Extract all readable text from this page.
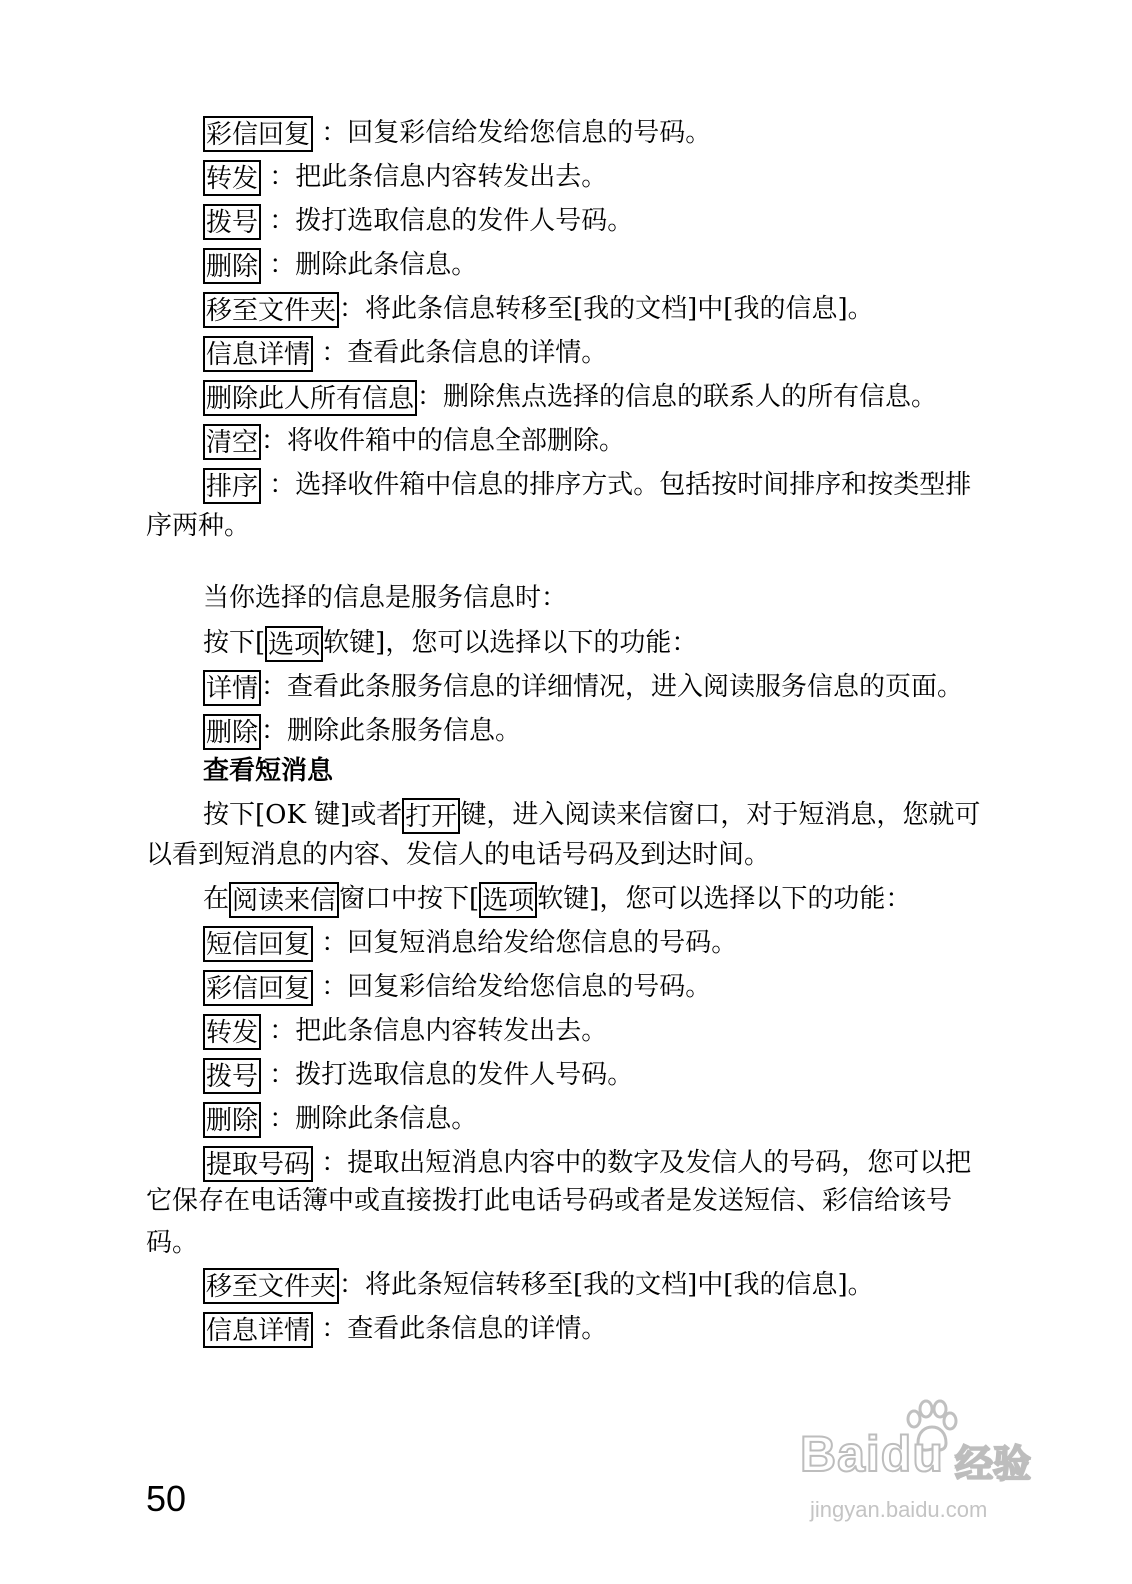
彩信回复 ：回复彩信给发给您信息的号码。
转发 ：把此条信息内容转发出去。
拨号 ：拨打选取信息的发件人号码。
删除 ：删除此条信息。
移至文件夹 ：将此条信息转移至[我的文档]中[我的信息]。
信息详情 ：查看此条信息的详情。
删除此人所有信息 ：删除焦点选择的信息的联系人的所有信息。
清空 ：将收件箱中的信息全部删除。
排序 ：选择收件箱中信息的排序方式。包括按时间排序和按类型排
序两种。
当你选择的信息是服务信息时：
按下[ 选项 软键]，您可以选择以下的功能：
详情 ：查看此条服务信息的详细情况，进入阅读服务信息的页面。
删除 ：删除此条服务信息。
查看短消息
按下[OK 键]或者 打开 键，进入阅读来信窗口，对于短消息，您就可
以看到短消息的内容、发信人的电话号码及到达时间。
在 阅读来信 窗口中按下[ 选项 软键]，您可以选择以下的功能：
短信回复 ：回复短消息给发给您信息的号码。
彩信回复 ：回复彩信给发给您信息的号码。
转发 ：把此条信息内容转发出去。
拨号 ：拨打选取信息的发件人号码。
删除 ：删除此条信息。
提取号码 ：提取出短消息内容中的数字及发信人的号码，您可以把
它保存在电话簿中或直接拨打此电话号码或者是发送短信、彩信给该号
码。
移至文件夹 ：将此条短信转移至[我的文档]中[我的信息]。
信息详情 ：查看此条信息的详情。
50
Baidu 经验
jingyan.baidu.com
